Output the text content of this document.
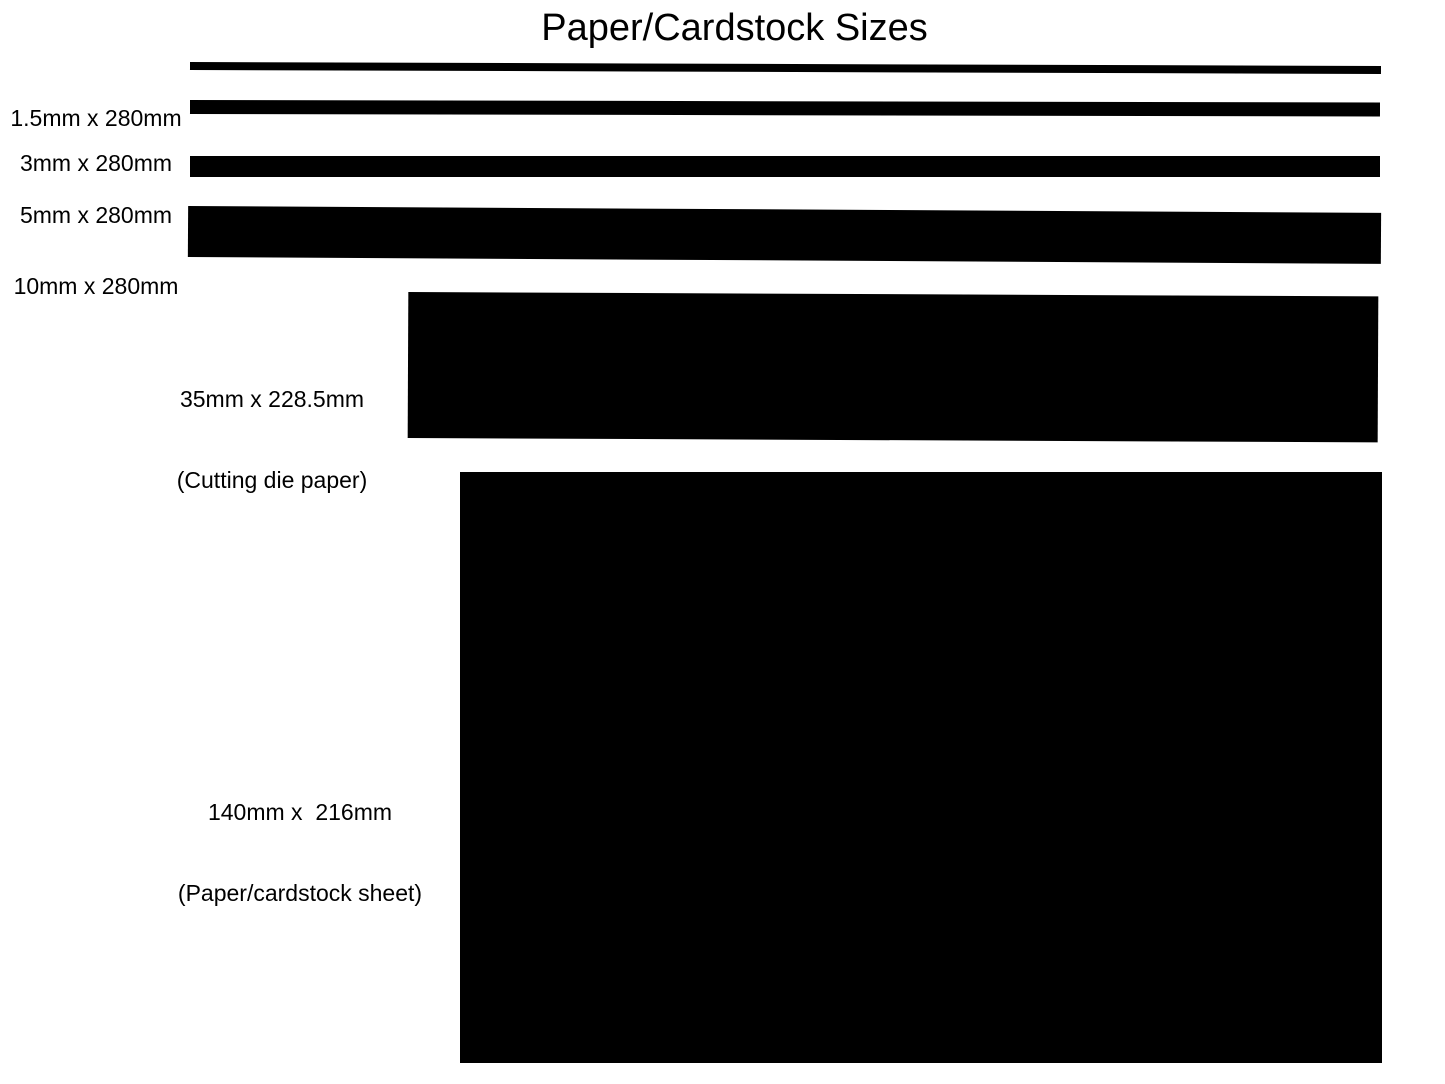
Paper/Cardstock Sizes

1.5mm x 280mm

3mm x 280mm

5mm x 280mm

10mm x 280mm

35mm x 228.5mm

(Cutting die paper)

140mm x  216mm

(Paper/cardstock sheet)
